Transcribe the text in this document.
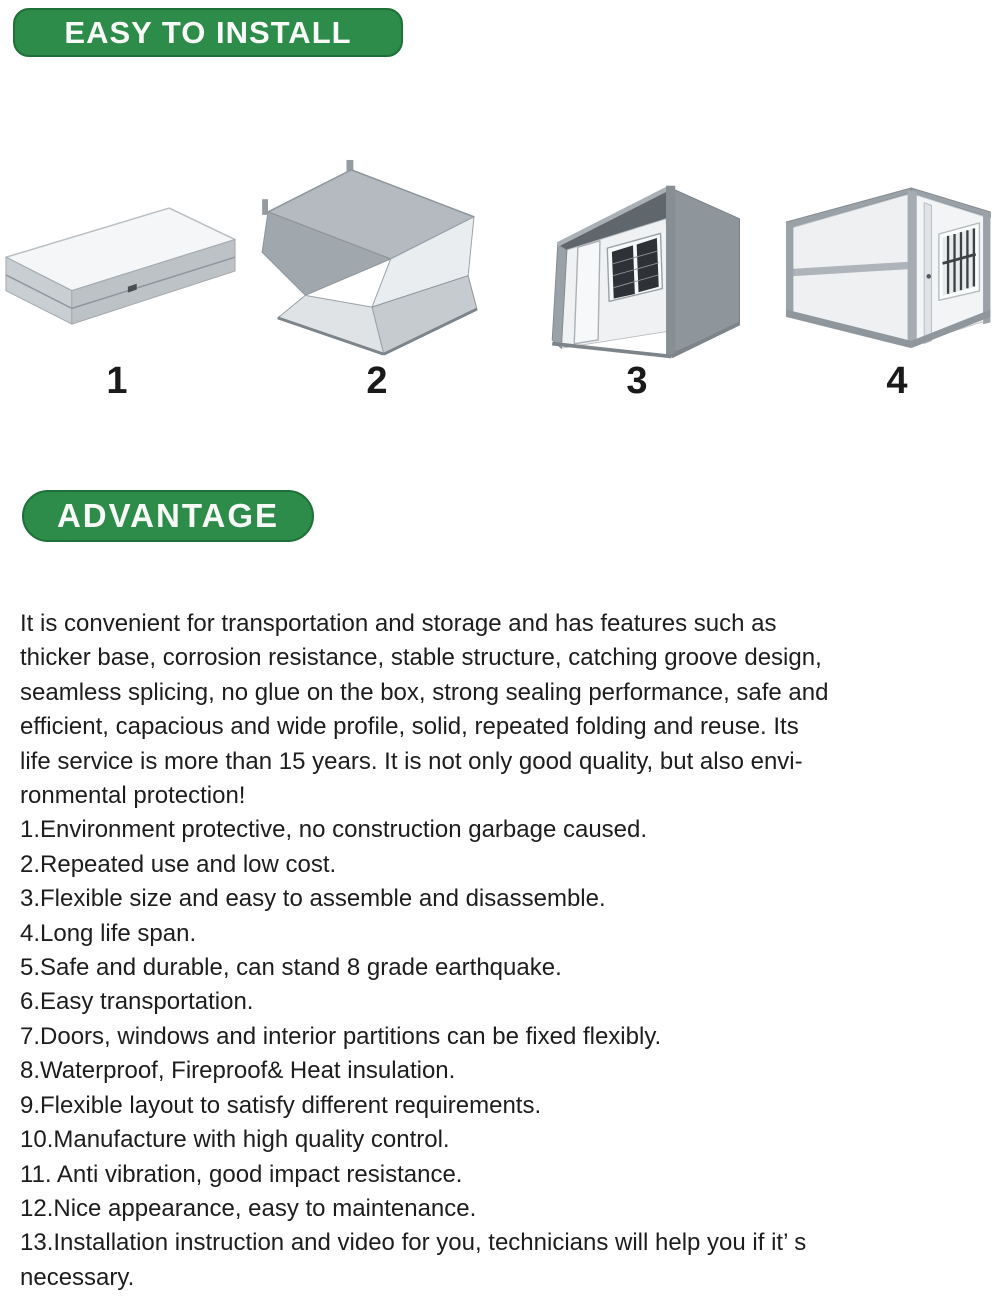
EASY TO INSTALL
1	2	3	4
ADVANTAGE
It is convenient for transportation and storage and has features such as
thicker base, corrosion resistance, stable structure, catching groove design,
seamless splicing, no glue on the box, strong sealing performance, safe and
efficient, capacious and wide profile, solid, repeated folding and reuse. Its
life service is more than 15 years. It is not only good quality, but also envi-
ronmental protection!
1.Environment protective, no construction garbage caused.
2.Repeated use and low cost.
3.Flexible size and easy to assemble and disassemble.
4.Long life span.
5.Safe and durable, can stand 8 grade earthquake.
6.Easy transportation.
7.Doors, windows and interior partitions can be fixed flexibly.
8.Waterproof, Fireproof& Heat insulation.
9.Flexible layout to satisfy different requirements.
10.Manufacture with high quality control.
11. Anti vibration, good impact resistance.
12.Nice appearance, easy to maintenance.
13.Installation instruction and video for you, technicians will help you if it’ s necessary.
